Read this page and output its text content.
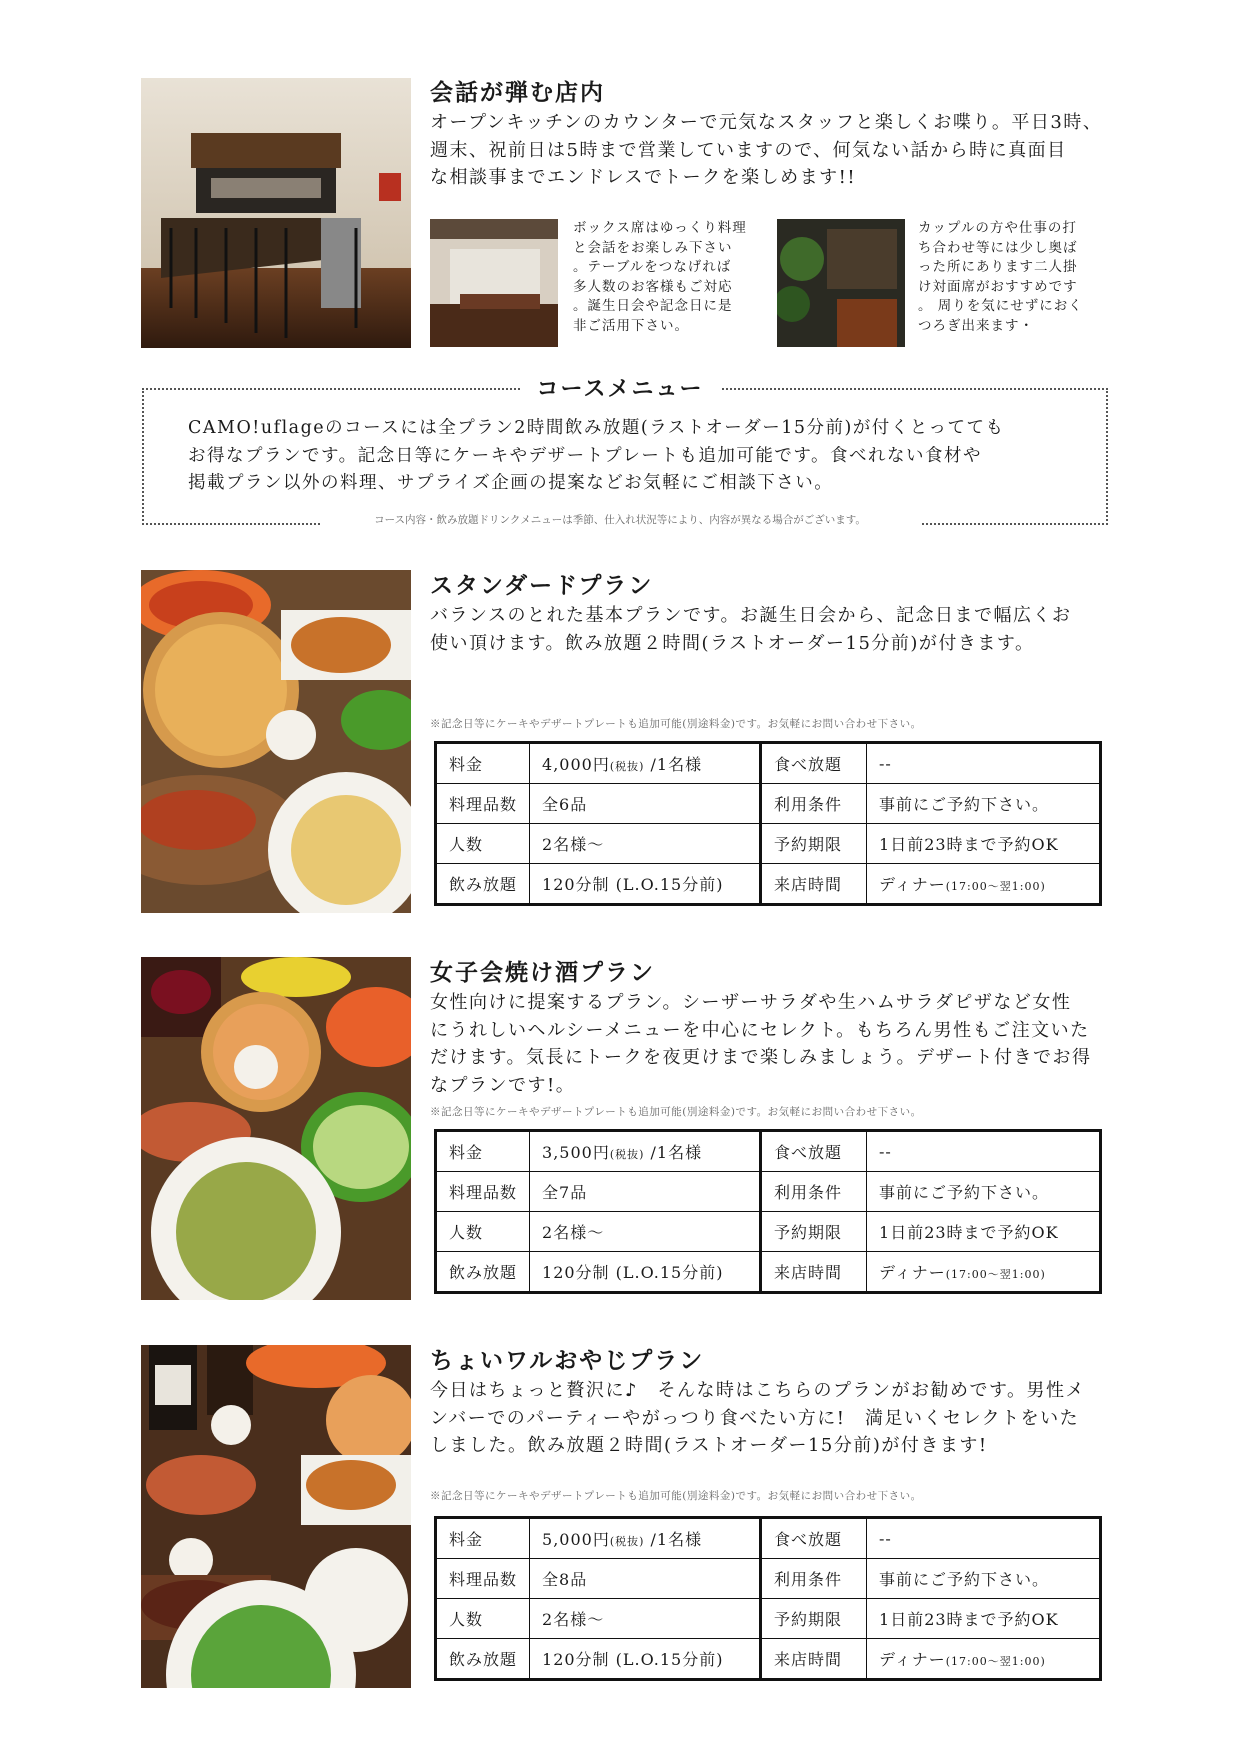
会話が弾む店内

オープンキッチンのカウンターで元気なスタッフと楽しくお喋り。平日3時、

週末、祝前日は5時まで営業していますので、何気ない話から時に真面目

な相談事までエンドレスでトークを楽しめます!!

ボックス席はゆっくり料理

と会話をお楽しみ下さい

。テーブルをつなげれば

多人数のお客様もご対応

。誕生日会や記念日に是

非ご活用下さい。

カップルの方や仕事の打

ち合わせ等には少し奥ば

った所にあります二人掛

け対面席がおすすめです

。 周りを気にせずにおく

つろぎ出来ます・

コースメニュー

CAMO!uflageのコースには全プラン2時間飲み放題(ラストオーダー15分前)が付くとってても

お得なプランです。記念日等にケーキやデザートプレートも追加可能です。食べれない食材や

掲載プラン以外の料理、サプライズ企画の提案などお気軽にご相談下さい。

コース内容・飲み放題ドリンクメニューは季節、仕入れ状況等により、内容が異なる場合がございます。
スタンダードプラン

バランスのとれた基本プランです。お誕生日会から、記念日まで幅広くお

使い頂けます。飲み放題２時間(ラストオーダー15分前)が付きます。

※記念日等にケーキやデザートプレートも追加可能(別途料金)です。お気軽にお問い合わせ下さい。
料金	4,000円(税抜) /1名様	食べ放題	--
料理品数	全6品	利用条件	事前にご予約下さい。
人数	2名様〜	予約期限	1日前23時まで予約OK
飲み放題	120分制 (L.O.15分前)	来店時間	ディナー(17:00〜翌1:00)
女子会焼け酒プラン

女性向けに提案するプラン。シーザーサラダや生ハムサラダピザなど女性

にうれしいヘルシーメニューを中心にセレクト。もちろん男性もご注文いた

だけます。気長にトークを夜更けまで楽しみましょう。デザート付きでお得

なプランです!。

※記念日等にケーキやデザートプレートも追加可能(別途料金)です。お気軽にお問い合わせ下さい。
料金	3,500円(税抜) /1名様	食べ放題	--
料理品数	全7品	利用条件	事前にご予約下さい。
人数	2名様〜	予約期限	1日前23時まで予約OK
飲み放題	120分制 (L.O.15分前)	来店時間	ディナー(17:00〜翌1:00)
ちょいワルおやじプラン

今日はちょっと贅沢に♪　そんな時はこちらのプランがお勧めです。男性メ

ンバーでのパーティーやがっつり食べたい方に!　満足いくセレクトをいた

しました。飲み放題２時間(ラストオーダー15分前)が付きます!

※記念日等にケーキやデザートプレートも追加可能(別途料金)です。お気軽にお問い合わせ下さい。
料金	5,000円(税抜) /1名様	食べ放題	--
料理品数	全8品	利用条件	事前にご予約下さい。
人数	2名様〜	予約期限	1日前23時まで予約OK
飲み放題	120分制 (L.O.15分前)	来店時間	ディナー(17:00〜翌1:00)
